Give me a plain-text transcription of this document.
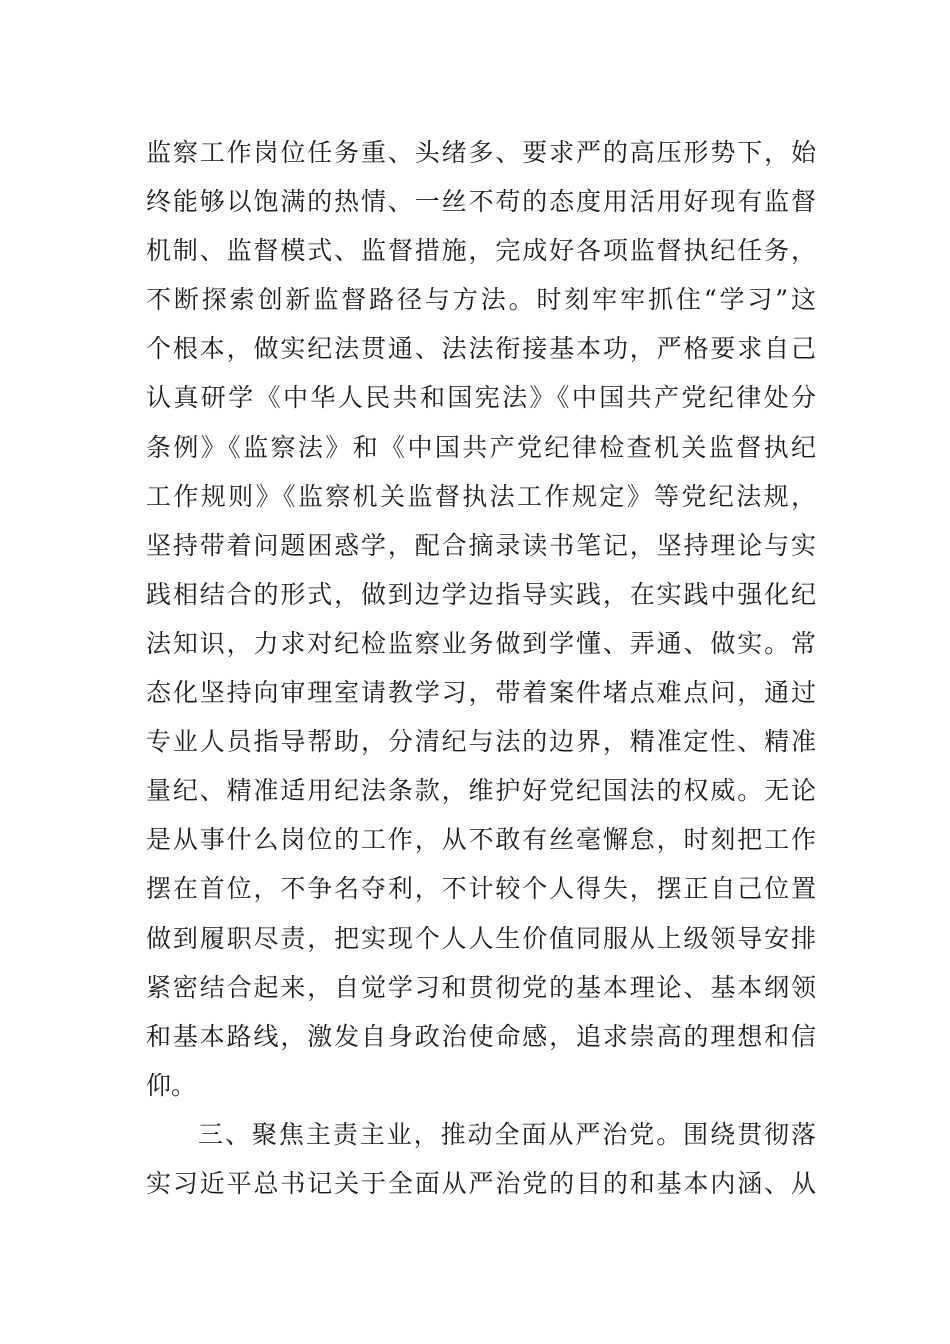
监察工作岗位任务重、头绪多、要求严的高压形势下，始
终能够以饱满的热情、一丝不苟的态度用活用好现有监督
机制、监督模式、监督措施，完成好各项监督执纪任务，
不断探索创新监督路径与方法。时刻牢牢抓住“学习”这
个根本，做实纪法贯通、法法衔接基本功，严格要求自己
认真研学《中华人民共和国宪法》《中国共产党纪律处分
条例》《监察法》和《中国共产党纪律检查机关监督执纪
工作规则》《监察机关监督执法工作规定》等党纪法规，
坚持带着问题困惑学，配合摘录读书笔记，坚持理论与实
践相结合的形式，做到边学边指导实践，在实践中强化纪
法知识，力求对纪检监察业务做到学懂、弄通、做实。常
态化坚持向审理室请教学习，带着案件堵点难点问，通过
专业人员指导帮助，分清纪与法的边界，精准定性、精准
量纪、精准适用纪法条款，维护好党纪国法的权威。无论
是从事什么岗位的工作，从不敢有丝毫懈怠，时刻把工作
摆在首位，不争名夺利，不计较个人得失，摆正自己位置
做到履职尽责，把实现个人人生价值同服从上级领导安排
紧密结合起来，自觉学习和贯彻党的基本理论、基本纲领
和基本路线，激发自身政治使命感，追求崇高的理想和信
仰。
三、聚焦主责主业，推动全面从严治党。围绕贯彻落
实习近平总书记关于全面从严治党的目的和基本内涵、从
